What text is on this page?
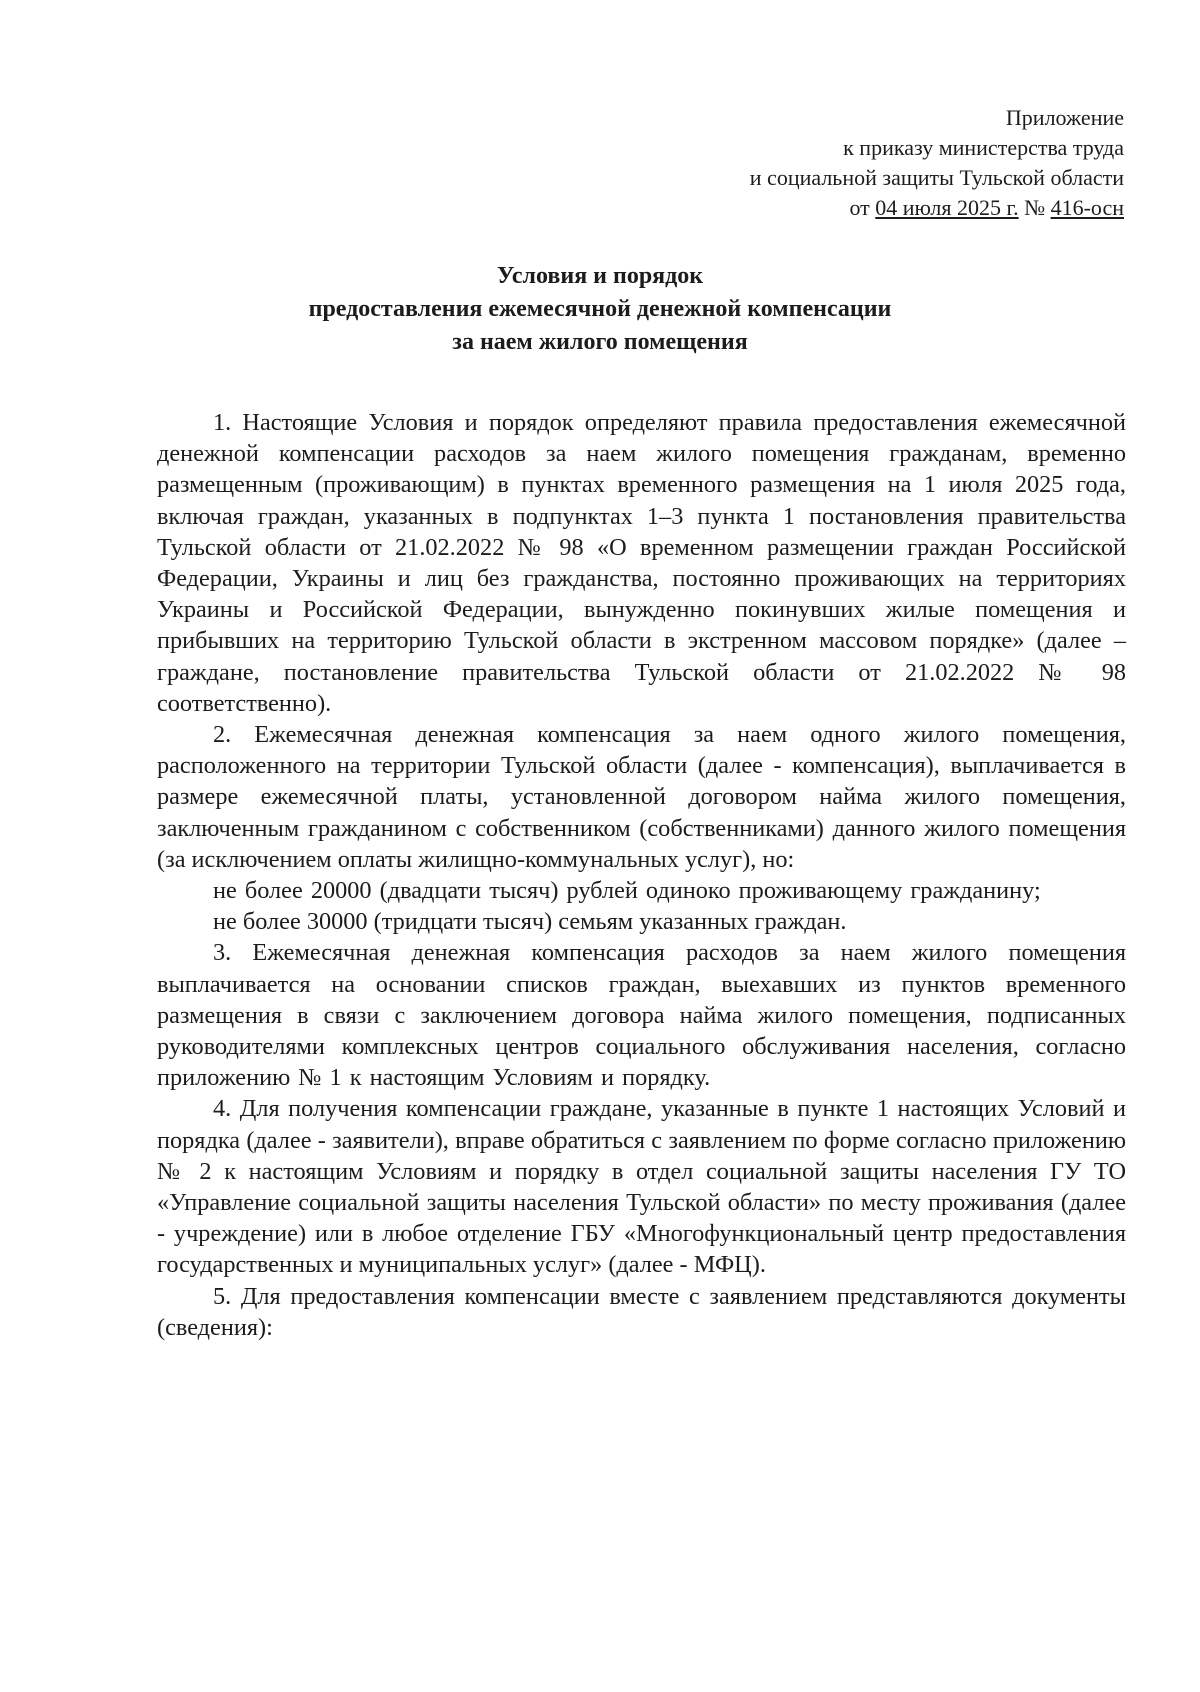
Приложение
к приказу министерства труда
и социальной защиты Тульской области
от 04 июля 2025 г. № 416-осн
Условия и порядок
предоставления ежемесячной денежной компенсации
за наем жилого помещения

1. Настоящие Условия и порядок определяют правила предоставления ежемесячной денежной компенсации расходов за наем жилого помещения гражданам, временно размещенным (проживающим) в пунктах временного размещения на 1 июля 2025 года, включая граждан, указанных в подпунктах 1–3 пункта 1 постановления правительства Тульской области от 21.02.2022 № 98 «О временном размещении граждан Российской Федерации, Украины и лиц без гражданства, постоянно проживающих на территориях Украины и Российской Федерации, вынужденно покинувших жилые помещения и прибывших на территорию Тульской области в экстренном массовом порядке» (далее – граждане, постановление правительства Тульской области от 21.02.2022 № 98 соответственно).

2. Ежемесячная денежная компенсация за наем одного жилого помещения, расположенного на территории Тульской области (далее - компенсация), выплачивается в размере ежемесячной платы, установленной договором найма жилого помещения, заключенным гражданином с собственником (собственниками) данного жилого помещения (за исключением оплаты жилищно-коммунальных услуг), но:

не более 20000 (двадцати тысяч) рублей одиноко проживающему гражданину;

не более 30000 (тридцати тысяч) семьям указанных граждан.

3. Ежемесячная денежная компенсация расходов за наем жилого помещения выплачивается на основании списков граждан, выехавших из пунктов временного размещения в связи с заключением договора найма жилого помещения, подписанных руководителями комплексных центров социального обслуживания населения, согласно приложению № 1 к настоящим Условиям и порядку.

4. Для получения компенсации граждане, указанные в пункте 1 настоящих Условий и порядка (далее - заявители), вправе обратиться с заявлением по форме согласно приложению № 2 к настоящим Условиям и порядку в отдел социальной защиты населения ГУ ТО «Управление социальной защиты населения Тульской области» по месту проживания (далее - учреждение) или в любое отделение ГБУ «Многофункциональный центр предоставления государственных и муниципальных услуг» (далее - МФЦ).

5. Для предоставления компенсации вместе с заявлением представляются документы (сведения):
